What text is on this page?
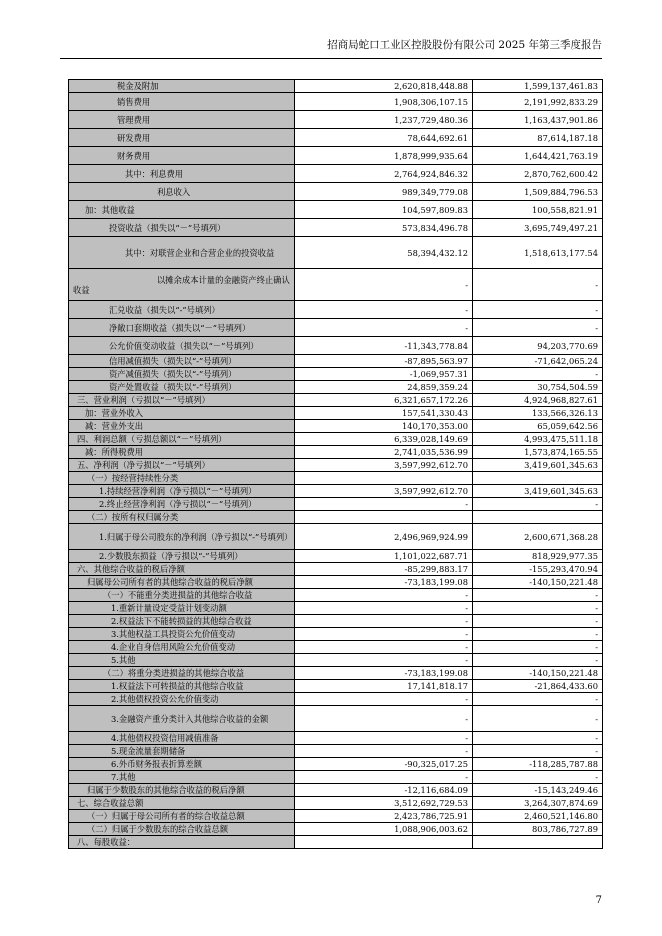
招商局蛇口工业区控股股份有限公司 2025 年第三季度报告
税金及附加	2,620,818,448.88	1,599,137,461.83
销售费用	1,908,306,107.15	2,191,992,833.29
管理费用	1,237,729,480.36	1,163,437,901.86
研发费用	78,644,692.61	87,614,187.18
财务费用	1,878,999,935.64	1,644,421,763.19
其中：利息费用	2,764,924,846.32	2,870,762,600.42
利息收入	989,349,779.08	1,509,884,796.53
加：其他收益	104,597,809.83	100,558,821.91
投资收益（损失以“－”号填列）	573,834,496.78	3,695,749,497.21
其中：对联营企业和合营企业的投资收益	58,394,432.12	1,518,613,177.54
以摊余成本计量的金融资产终止确认收益	-	-
汇兑收益（损失以“-”号填列）	-	-
净敞口套期收益（损失以“－”号填列）	-	-
公允价值变动收益（损失以“－”号填列）	-11,343,778.84	94,203,770.69
信用减值损失（损失以“-”号填列）	-87,895,563.97	-71,642,065.24
资产减值损失（损失以“-”号填列）	-1,069,957.31	-
资产处置收益（损失以“-”号填列）	24,859,359.24	30,754,504.59
三、营业利润（亏损以“－”号填列）	6,321,657,172.26	4,924,968,827.61
加：营业外收入	157,541,330.43	133,566,326.13
减：营业外支出	140,170,353.00	65,059,642.56
四、利润总额（亏损总额以“－”号填列）	6,339,028,149.69	4,993,475,511.18
减：所得税费用	2,741,035,536.99	1,573,874,165.55
五、净利润（净亏损以“－”号填列）	3,597,992,612.70	3,419,601,345.63
（一）按经营持续性分类		
1.持续经营净利润（净亏损以“－”号填列）	3,597,992,612.70	3,419,601,345.63
2.终止经营净利润（净亏损以“－”号填列）	-	-
（二）按所有权归属分类		
1.归属于母公司股东的净利润（净亏损以“-”号填列）	2,496,969,924.99	2,600,671,368.28
2.少数股东损益（净亏损以“-”号填列）	1,101,022,687.71	818,929,977.35
六、其他综合收益的税后净额	-85,299,883.17	-155,293,470.94
归属母公司所有者的其他综合收益的税后净额	-73,183,199.08	-140,150,221.48
（一）不能重分类进损益的其他综合收益	-	-
1.重新计量设定受益计划变动额	-	-
2.权益法下不能转损益的其他综合收益	-	-
3.其他权益工具投资公允价值变动	-	-
4.企业自身信用风险公允价值变动	-	-
5.其他	-	-
（二）将重分类进损益的其他综合收益	-73,183,199.08	-140,150,221.48
1.权益法下可转损益的其他综合收益	17,141,818.17	-21,864,433.60
2.其他债权投资公允价值变动	-	-
3.金融资产重分类计入其他综合收益的金额	-	-
4.其他债权投资信用减值准备	-	-
5.现金流量套期储备	-	-
6.外币财务报表折算差额	-90,325,017.25	-118,285,787.88
7.其他	-	-
归属于少数股东的其他综合收益的税后净额	-12,116,684.09	-15,143,249.46
七、综合收益总额	3,512,692,729.53	3,264,307,874.69
（一）归属于母公司所有者的综合收益总额	2,423,786,725.91	2,460,521,146.80
（二）归属于少数股东的综合收益总额	1,088,906,003.62	803,786,727.89
八、每股收益：		
7
